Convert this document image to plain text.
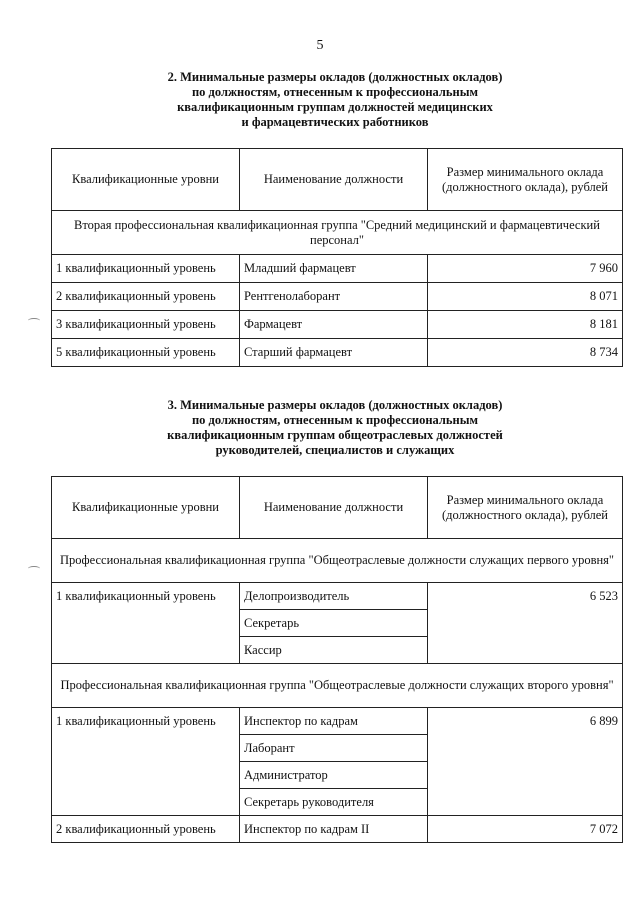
5
2. Минимальные размеры окладов (должностных окладов)
по должностям, отнесенным к профессиональным
квалификационным группам должностей медицинских
и фармацевтических работников
Квалификационные уровни	Наименование должности	Размер минимального оклада (должностного оклада), рублей
Вторая профессиональная квалификационная группа "Средний медицинский и фармацевтический персонал"		
1 квалификационный уровень	Младший фармацевт	7 960
2 квалификационный уровень	Рентгенолаборант	8 071
3 квалификационный уровень	Фармацевт	8 181
5 квалификационный уровень	Старший фармацевт	8 734
3. Минимальные размеры окладов (должностных окладов)
по должностям, отнесенным к профессиональным
квалификационным группам общеотраслевых должностей
руководителей, специалистов и служащих
Квалификационные уровни	Наименование должности	Размер минимального оклада (должностного оклада), рублей
Профессиональная квалификационная группа "Общеотраслевые должности служащих первого уровня"		
1 квалификационный уровень	Делопроизводитель	6 523
	Секретарь	
	Кассир	
Профессиональная квалификационная группа "Общеотраслевые должности служащих второго уровня"		
1 квалификационный уровень	Инспектор по кадрам	6 899
	Лаборант	
	Администратор	
	Секретарь руководителя	
2 квалификационный уровень	Инспектор по кадрам II	7 072
